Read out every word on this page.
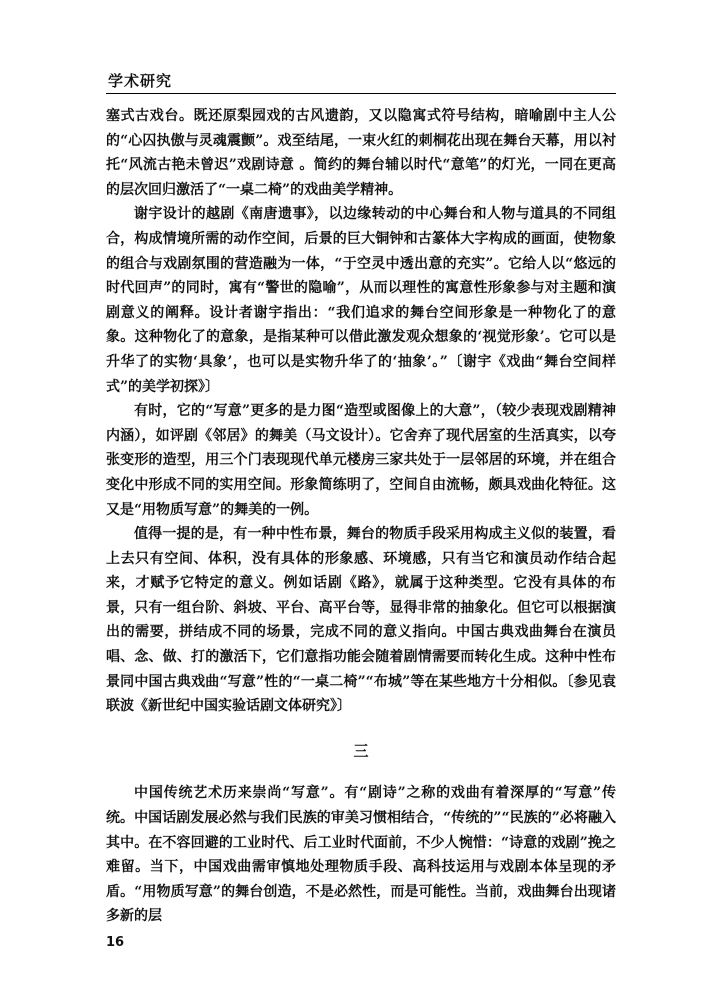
学术研究

塞式古戏台。既还原梨园戏的古风遗韵，又以隐寓式符号结构，暗喻剧中主人公的“心囚执傲与灵魂震颤”。戏至结尾，一束火红的刺桐花出现在舞台天幕，用以衬托“风流古艳未曾迟”戏剧诗意 。简约的舞台辅以时代“意笔”的灯光，一同在更高的层次回归激活了“一桌二椅”的戏曲美学精神。

谢宇设计的越剧《南唐遗事》，以边缘转动的中心舞台和人物与道具的不同组合，构成情境所需的动作空间，后景的巨大铜钟和古篆体大字构成的画面，使物象的组合与戏剧氛围的营造融为一体，“于空灵中透出意的充实”。它给人以“悠远的时代回声”的同时，寓有“警世的隐喻”，从而以理性的寓意性形象参与对主题和演剧意义的阐释。设计者谢宇指出：“我们追求的舞台空间形象是一种物化了的意象。这种物化了的意象，是指某种可以借此激发观众想象的‘视觉形象’。它可以是升华了的实物‘具象’，也可以是实物升华了的‘抽象’。”〔谢宇《戏曲“舞台空间样式”的美学初探》〕

有时，它的“写意”更多的是力图“造型或图像上的大意”，（较少表现戏剧精神内涵），如评剧《邻居》的舞美（马文设计）。它舍弃了现代居室的生活真实，以夸张变形的造型，用三个门表现现代单元楼房三家共处于一层邻居的环境，并在组合变化中形成不同的实用空间。形象简练明了，空间自由流畅，颇具戏曲化特征。这又是“用物质写意”的舞美的一例。

值得一提的是，有一种中性布景，舞台的物质手段采用构成主义似的装置，看上去只有空间、体积，没有具体的形象感、环境感，只有当它和演员动作结合起来，才赋予它特定的意义。例如话剧《路》，就属于这种类型。它没有具体的布景，只有一组台阶、斜坡、平台、高平台等，显得非常的抽象化。但它可以根据演出的需要，拼结成不同的场景，完成不同的意义指向。中国古典戏曲舞台在演员唱、念、做、打的激活下，它们意指功能会随着剧情需要而转化生成。这种中性布景同中国古典戏曲“写意”性的“一桌二椅”“布城”等在某些地方十分相似。〔参见袁联波《新世纪中国实验话剧文体研究》〕

三

中国传统艺术历来崇尚“写意”。有“剧诗”之称的戏曲有着深厚的“写意”传统。中国话剧发展必然与我们民族的审美习惯相结合，“传统的”“民族的”必将融入其中。在不容回避的工业时代、后工业时代面前，不少人惋惜：“诗意的戏剧”挽之难留。当下，中国戏曲需审慎地处理物质手段、高科技运用与戏剧本体呈现的矛盾。“用物质写意”的舞台创造，不是必然性，而是可能性。当前，戏曲舞台出现诸多新的层

16
